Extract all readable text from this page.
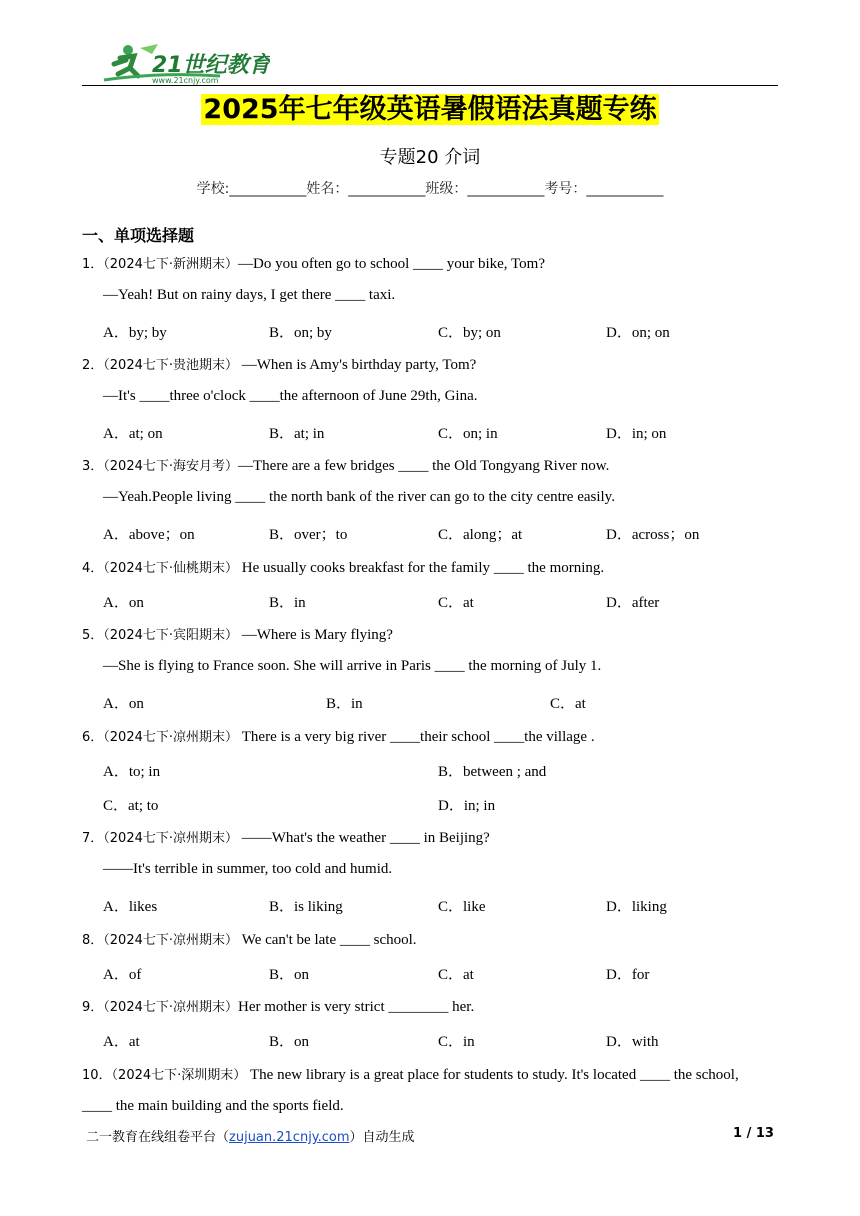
21世纪教育
www.21cnjy.com
2025年七年级英语暑假语法真题专练
专题20 介词
学校:___________姓名：___________班级：___________考号：___________
一、单项选择题
1．（2024七下·新洲期末）—Do you often go to school ____ your bike, Tom?
—Yeah! But on rainy days, I get there ____ taxi.
A．by; by	B．on; by	C．by; on	D．on; on
2．（2024七下·贵池期末） —When is Amy's birthday party, Tom?
—It's ____three o'clock ____the afternoon of June 29th, Gina.
A．at; on	B．at; in	C．on; in	D．in; on
3．（2024七下·海安月考）—There are a few bridges ____ the Old Tongyang River now.
—Yeah.People living ____ the north bank of the river can go to the city centre easily.
A．above；on	B．over；to	C．along；at	D．across；on
4．（2024七下·仙桃期末） He usually cooks breakfast for the family ____ the morning.
A．on	B．in	C．at	D．after
5．（2024七下·宾阳期末） —Where is Mary flying?
—She is flying to France soon. She will arrive in Paris ____ the morning of July 1.
A．on	B．in	C．at
6．（2024七下·凉州期末） There is a very big river ____their school ____the village .
A．to; in	B．between ; and
C．at; to	D．in; in
7．（2024七下·凉州期末） ——What's the weather ____ in Beijing?
——It's terrible in summer, too cold and humid.
A．likes	B．is liking	C．like	D．liking
8．（2024七下·凉州期末） We can't be late ____ school.
A．of	B．on	C．at	D．for
9．（2024七下·凉州期末）Her mother is very strict ________ her.
A．at	B．on	C．in	D．with
10．（2024七下·深圳期末） The new library is a great place for students to study. It's located ____ the school,
____ the main building and the sports field.
二一教育在线组卷平台（zujuan.21cnjy.com）自动生成	1 / 13
